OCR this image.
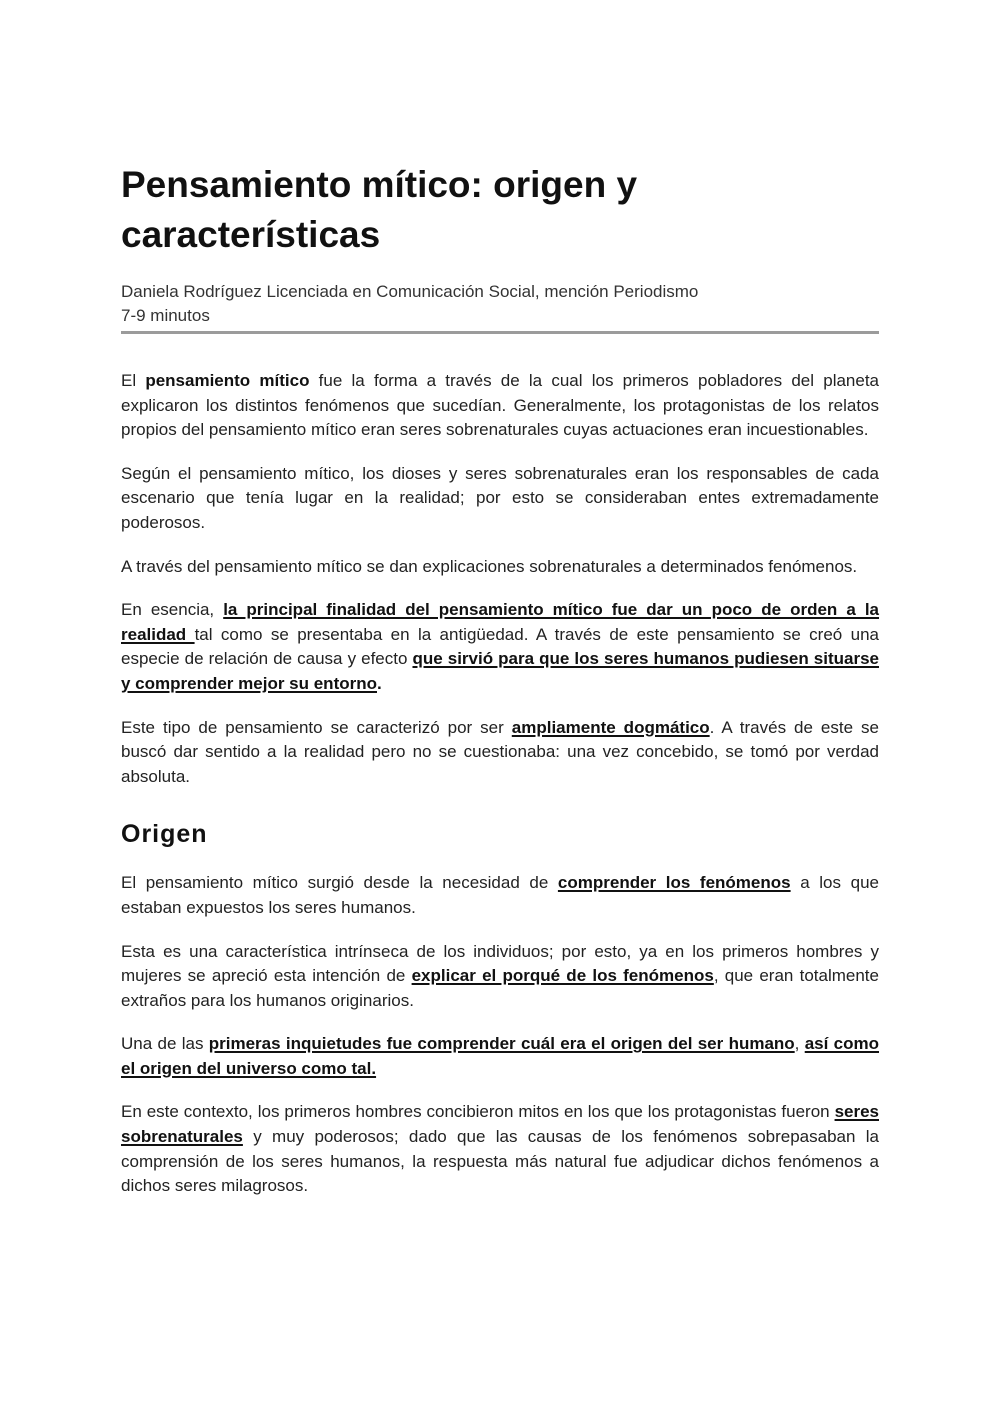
Pensamiento mítico: origen y características
Daniela Rodríguez Licenciada en Comunicación Social, mención Periodismo
7-9 minutos

El pensamiento mítico fue la forma a través de la cual los primeros pobladores del planeta explicaron los distintos fenómenos que sucedían. Generalmente, los protagonistas de los relatos propios del pensamiento mítico eran seres sobrenaturales cuyas actuaciones eran incuestionables.

Según el pensamiento mítico, los dioses y seres sobrenaturales eran los responsables de cada escenario que tenía lugar en la realidad; por esto se consideraban entes extremadamente poderosos.

A través del pensamiento mítico se dan explicaciones sobrenaturales a determinados fenómenos.

En esencia, la principal finalidad del pensamiento mítico fue dar un poco de orden a la realidad tal como se presentaba en la antigüedad. A través de este pensamiento se creó una especie de relación de causa y efecto que sirvió para que los seres humanos pudiesen situarse y comprender mejor su entorno.

Este tipo de pensamiento se caracterizó por ser ampliamente dogmático. A través de este se buscó dar sentido a la realidad pero no se cuestionaba: una vez concebido, se tomó por verdad absoluta.

Origen

El pensamiento mítico surgió desde la necesidad de comprender los fenómenos a los que estaban expuestos los seres humanos.

Esta es una característica intrínseca de los individuos; por esto, ya en los primeros hombres y mujeres se apreció esta intención de explicar el porqué de los fenómenos, que eran totalmente extraños para los humanos originarios.

Una de las primeras inquietudes fue comprender cuál era el origen del ser humano, así como el origen del universo como tal.

En este contexto, los primeros hombres concibieron mitos en los que los protagonistas fueron seres sobrenaturales y muy poderosos; dado que las causas de los fenómenos sobrepasaban la comprensión de los seres humanos, la respuesta más natural fue adjudicar dichos fenómenos a dichos seres milagrosos.
